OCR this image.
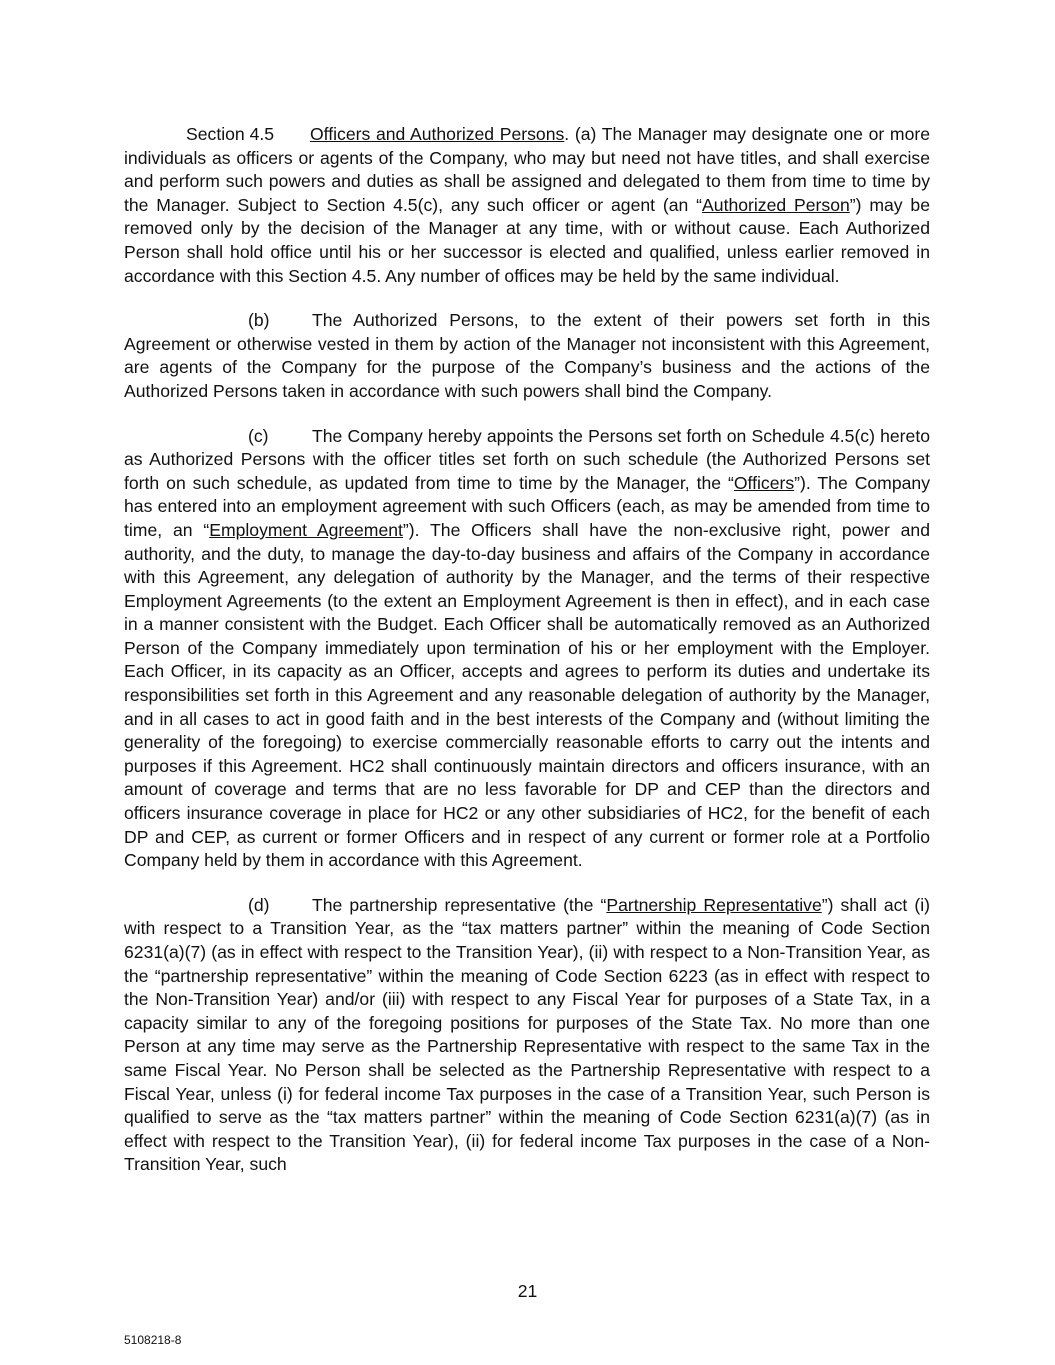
Section 4.5 Officers and Authorized Persons. (a) The Manager may designate one or more individuals as officers or agents of the Company, who may but need not have titles, and shall exercise and perform such powers and duties as shall be assigned and delegated to them from time to time by the Manager. Subject to Section 4.5(c), any such officer or agent (an “Authorized Person”) may be removed only by the decision of the Manager at any time, with or without cause. Each Authorized Person shall hold office until his or her successor is elected and qualified, unless earlier removed in accordance with this Section 4.5. Any number of offices may be held by the same individual.

(b) The Authorized Persons, to the extent of their powers set forth in this Agreement or otherwise vested in them by action of the Manager not inconsistent with this Agreement, are agents of the Company for the purpose of the Company’s business and the actions of the Authorized Persons taken in accordance with such powers shall bind the Company.

(c) The Company hereby appoints the Persons set forth on Schedule 4.5(c) hereto as Authorized Persons with the officer titles set forth on such schedule (the Authorized Persons set forth on such schedule, as updated from time to time by the Manager, the “Officers”). The Company has entered into an employment agreement with such Officers (each, as may be amended from time to time, an “Employment Agreement”). The Officers shall have the non-exclusive right, power and authority, and the duty, to manage the day-to-day business and affairs of the Company in accordance with this Agreement, any delegation of authority by the Manager, and the terms of their respective Employment Agreements (to the extent an Employment Agreement is then in effect), and in each case in a manner consistent with the Budget. Each Officer shall be automatically removed as an Authorized Person of the Company immediately upon termination of his or her employment with the Employer. Each Officer, in its capacity as an Officer, accepts and agrees to perform its duties and undertake its responsibilities set forth in this Agreement and any reasonable delegation of authority by the Manager, and in all cases to act in good faith and in the best interests of the Company and (without limiting the generality of the foregoing) to exercise commercially reasonable efforts to carry out the intents and purposes if this Agreement. HC2 shall continuously maintain directors and officers insurance, with an amount of coverage and terms that are no less favorable for DP and CEP than the directors and officers insurance coverage in place for HC2 or any other subsidiaries of HC2, for the benefit of each DP and CEP, as current or former Officers and in respect of any current or former role at a Portfolio Company held by them in accordance with this Agreement.

(d) The partnership representative (the “Partnership Representative”) shall act (i) with respect to a Transition Year, as the “tax matters partner” within the meaning of Code Section 6231(a)(7) (as in effect with respect to the Transition Year), (ii) with respect to a Non-Transition Year, as the “partnership representative” within the meaning of Code Section 6223 (as in effect with respect to the Non-Transition Year) and/or (iii) with respect to any Fiscal Year for purposes of a State Tax, in a capacity similar to any of the foregoing positions for purposes of the State Tax. No more than one Person at any time may serve as the Partnership Representative with respect to the same Tax in the same Fiscal Year. No Person shall be selected as the Partnership Representative with respect to a Fiscal Year, unless (i) for federal income Tax purposes in the case of a Transition Year, such Person is qualified to serve as the “tax matters partner” within the meaning of Code Section 6231(a)(7) (as in effect with respect to the Transition Year), (ii) for federal income Tax purposes in the case of a Non-Transition Year, such

21
5108218-8
